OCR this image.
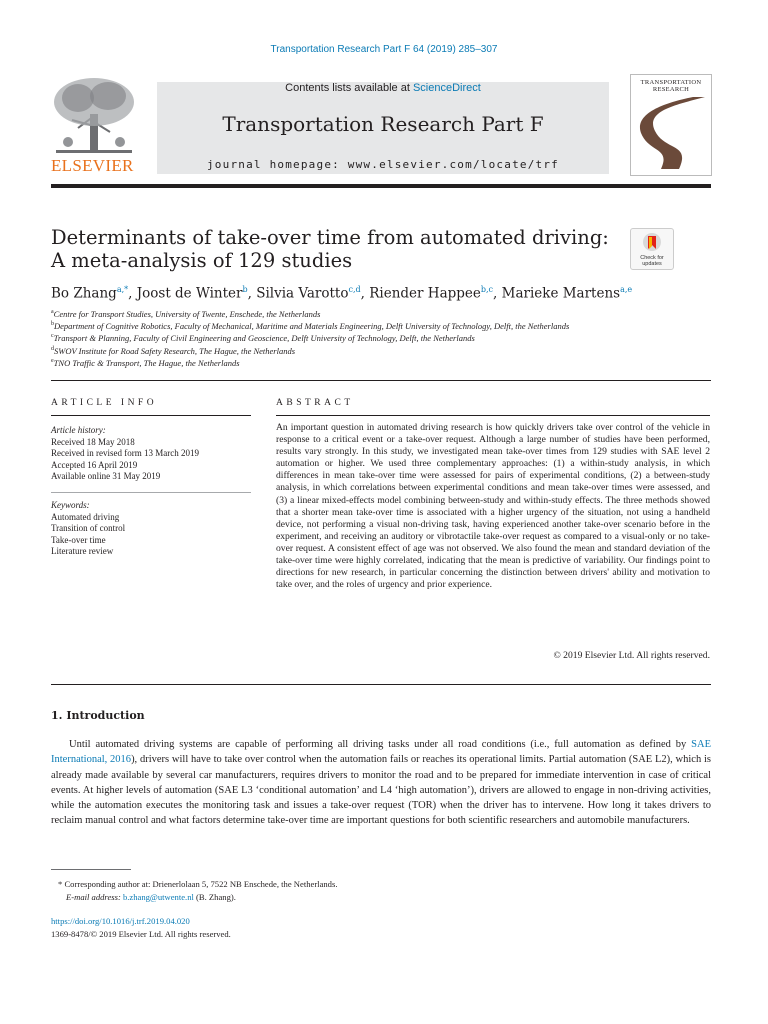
Transportation Research Part F 64 (2019) 285–307
ELSEVIER
Contents lists available at ScienceDirect
Transportation Research Part F
journal homepage: www.elsevier.com/locate/trf
TRANSPORTATION RESEARCH
Determinants of take-over time from automated driving:
A meta-analysis of 129 studies	Check for updates
Bo Zhang$^{a,*}$, Joost de Winter$^b$, Silvia Varotto$^{c,d}$, Riender Happee$^{b,c}$, Marieke Martens$^{a,e}$
$^a$Centre for Transport Studies, University of Twente, Enschede, the Netherlands
$^b$Department of Cognitive Robotics, Faculty of Mechanical, Maritime and Materials Engineering, Delft University of Technology, Delft, the Netherlands
$^c$Transport & Planning, Faculty of Civil Engineering and Geoscience, Delft University of Technology, Delft, the Netherlands
$^d$SWOV Institute for Road Safety Research, The Hague, the Netherlands
$^e$TNO Traffic & Transport, The Hague, the Netherlands
ARTICLE INFO
Article history:
Received 18 May 2018
Received in revised form 13 March 2019
Accepted 16 April 2019
Available online 31 May 2019
Keywords:
Automated driving
Transition of control
Take-over time
Literature review
ABSTRACT
An important question in automated driving research is how quickly drivers take over control of the vehicle in response to a critical event or a take-over request. Although a large number of studies have been performed, results vary strongly. In this study, we investigated mean take-over times from 129 studies with SAE level 2 automation or higher. We used three complementary approaches: (1) a within-study analysis, in which differences in mean take-over time were assessed for pairs of experimental conditions, (2) a between-study analysis, in which correlations between experimental conditions and mean take-over times were assessed, and (3) a linear mixed-effects model combining between-study and within-study effects. The three methods showed that a shorter mean take-over time is associated with a higher urgency of the situation, not using a handheld device, not performing a visual non-driving task, having experienced another take-over scenario before in the experiment, and receiving an auditory or vibrotactile take-over request as compared to a visual-only or no take-over request. A consistent effect of age was not observed. We also found the mean and standard deviation of the take-over time were highly correlated, indicating that the mean is predictive of variability. Our findings point to directions for new research, in particular concerning the distinction between drivers' ability and motivation to take over, and the roles of urgency and prior experience.
© 2019 Elsevier Ltd. All rights reserved.
1. Introduction
Until automated driving systems are capable of performing all driving tasks under all road conditions (i.e., full automation as defined by SAE International, 2016), drivers will have to take over control when the automation fails or reaches its operational limits. Partial automation (SAE L2), which is already made available by several car manufacturers, requires drivers to monitor the road and to be prepared for immediate intervention in case of critical events. At higher levels of automation (SAE L3 ‘conditional automation’ and L4 ‘high automation’), drivers are allowed to engage in non-driving activities, while the automation executes the monitoring task and issues a take-over request (TOR) when the driver has to intervene. How long it takes drivers to reclaim manual control and what factors determine take-over time are important questions for both scientific researchers and automobile manufacturers.
* Corresponding author at: Drienerlolaan 5, 7522 NB Enschede, the Netherlands.
E-mail address: b.zhang@utwente.nl (B. Zhang).
https://doi.org/10.1016/j.trf.2019.04.020
1369-8478/© 2019 Elsevier Ltd. All rights reserved.
